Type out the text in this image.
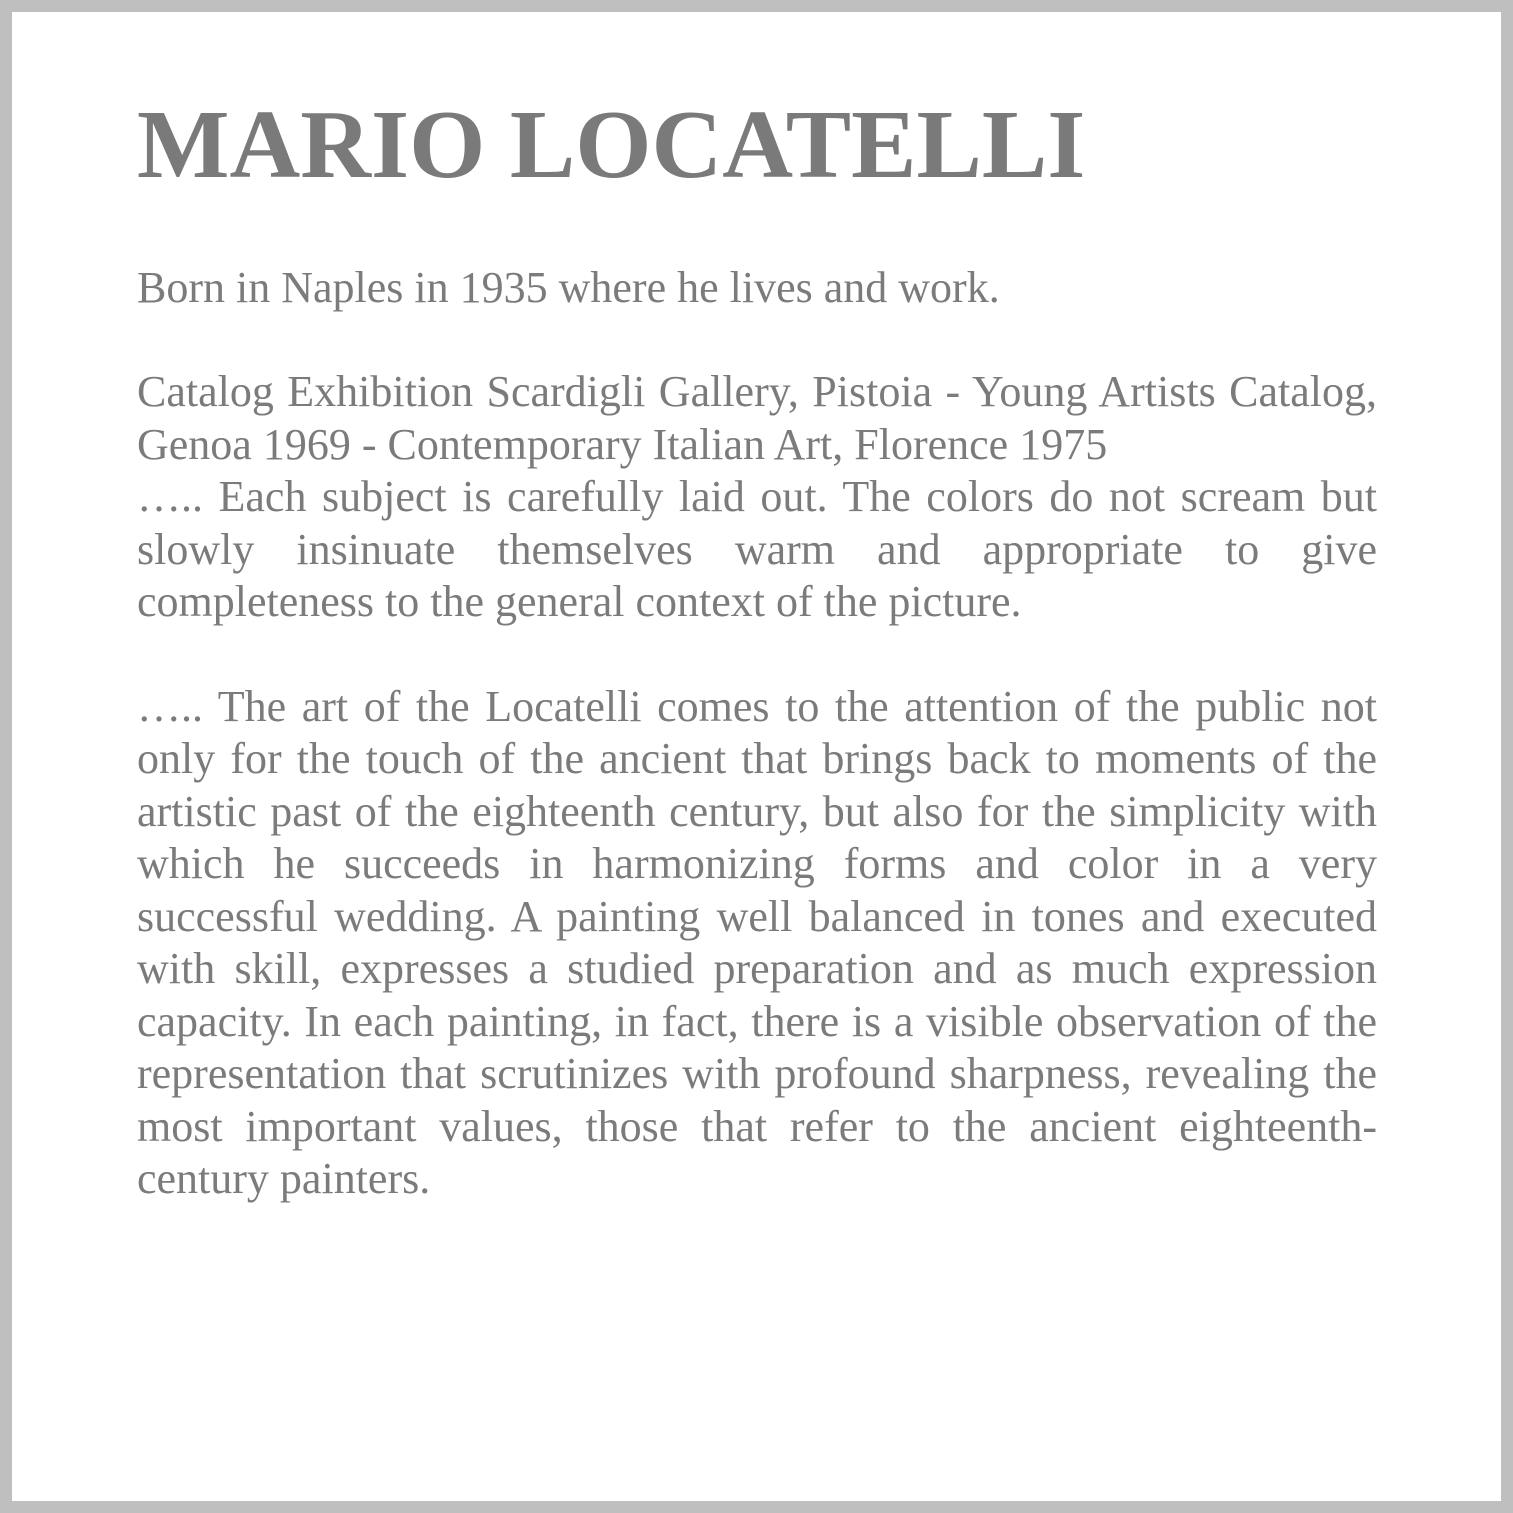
MARIO LOCATELLI

Born in Naples in 1935 where he lives and work.

Catalog Exhibition Scardigli Gallery, Pistoia - Young Artists Catalog, Genoa 1969 - Contemporary Italian Art, Florence 1975

….. Each subject is carefully laid out. The colors do not scream but slowly insinuate themselves warm and appropriate to give completeness to the general context of the picture.

….. The art of the Locatelli comes to the attention of the public not only for the touch of the ancient that brings back to moments of the artistic past of the eighteenth century, but also for the simplicity with which he succeeds in harmonizing forms and color in a very successful wedding. A painting well balanced in tones and executed with skill, expresses a studied preparation and as much expression capacity. In each painting, in fact, there is a visible observation of the representation that scrutinizes with profound sharpness, revealing the most important values, those that refer to the ancient eighteenth-century painters.
